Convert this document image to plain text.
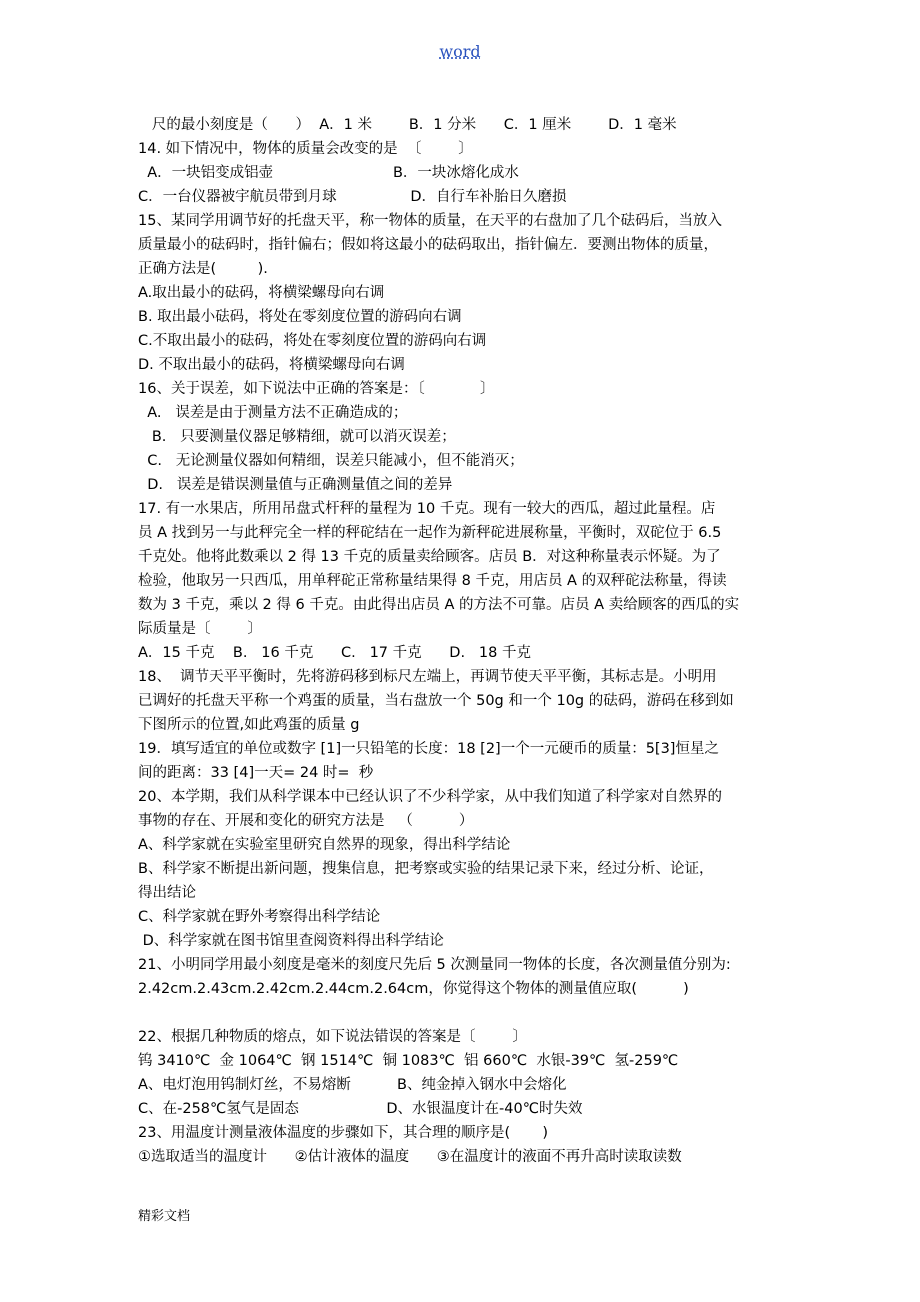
word
尺的最小刻度是（      ）  A．1 米        B．1 分米      C．1 厘米        D．1 毫米
14. 如下情况中，物体的质量会改变的是  〔        〕
A．一块铝变成铝壶                          B．一块冰熔化成水
C．一台仪器被宇航员带到月球                D．自行车补胎日久磨损
15、某同学用调节好的托盘天平，称一物体的质量，在天平的右盘加了几个砝码后，当放入
质量最小的砝码时，指针偏右；假如将这最小的砝码取出，指针偏左．要测出物体的质量，
正确方法是(         ).
A.取出最小的砝码，将横梁螺母向右调
B. 取出最小砝码，将处在零刻度位置的游码向右调
C.不取出最小的砝码，将处在零刻度位置的游码向右调
D. 不取出最小的砝码，将横梁螺母向右调
16、关于误差，如下说法中正确的答案是：〔            〕
A.   误差是由于测量方法不正确造成的；
B.   只要测量仪器足够精细，就可以消灭误差；
C.   无论测量仪器如何精细，误差只能减小，但不能消灭；
D.   误差是错误测量值与正确测量值之间的差异
17. 有一水果店，所用吊盘式杆秤的量程为 10 千克。现有一较大的西瓜，超过此量程。店
员 A 找到另一与此秤完全一样的秤砣结在一起作为新秤砣进展称量，平衡时，双砣位于 6.5
千克处。他将此数乘以 2 得 13 千克的质量卖给顾客。店员 B．对这种称量表示怀疑。为了
检验，他取另一只西瓜，用单秤砣正常称量结果得 8 千克，用店员 A 的双秤砣法称量，得读
数为 3 千克，乘以 2 得 6 千克。由此得出店员 A 的方法不可靠。店员 A 卖给顾客的西瓜的实
际质量是〔        〕
A．15 千克    B.   16 千克      C.   17 千克      D.   18 千克
18、  调节天平平衡时，先将游码移到标尺左端上，再调节使天平平衡，其标志是。小明用
已调好的托盘天平称一个鸡蛋的质量，当右盘放一个 50g 和一个 10g 的砝码，游码在移到如
下图所示的位置,如此鸡蛋的质量 g
19．填写适宜的单位或数字 [1]一只铅笔的长度：18 [2]一个一元硬币的质量：5[3]恒星之
间的距离：33 [4]一天= 24 时=  秒
20、本学期，我们从科学课本中已经认识了不少科学家，从中我们知道了科学家对自然界的
事物的存在、开展和变化的研究方法是   （          ）
A、科学家就在实验室里研究自然界的现象，得出科学结论
B、科学家不断提出新问题，搜集信息，把考察或实验的结果记录下来，经过分析、论证，
得出结论
C、科学家就在野外考察得出科学结论
D、科学家就在图书馆里查阅资料得出科学结论
21、小明同学用最小刻度是毫米的刻度尺先后 5 次测量同一物体的长度，各次测量值分别为:
2.42cm.2.43cm.2.42cm.2.44cm.2.64cm，你觉得这个物体的测量值应取(          )
22、根据几种物质的熔点，如下说法错误的答案是〔        〕
钨 3410℃  金 1064℃  钢 1514℃  铜 1083℃  铝 660℃  水银-39℃  氢-259℃
A、电灯泡用钨制灯丝，不易熔断          B、纯金掉入钢水中会熔化
C、在-258℃氢气是固态                   D、水银温度计在-40℃时失效
23、用温度计测量液体温度的步骤如下，其合理的顺序是(       )
①选取适当的温度计      ②估计液体的温度      ③在温度计的液面不再升高时读取读数
精彩文档
